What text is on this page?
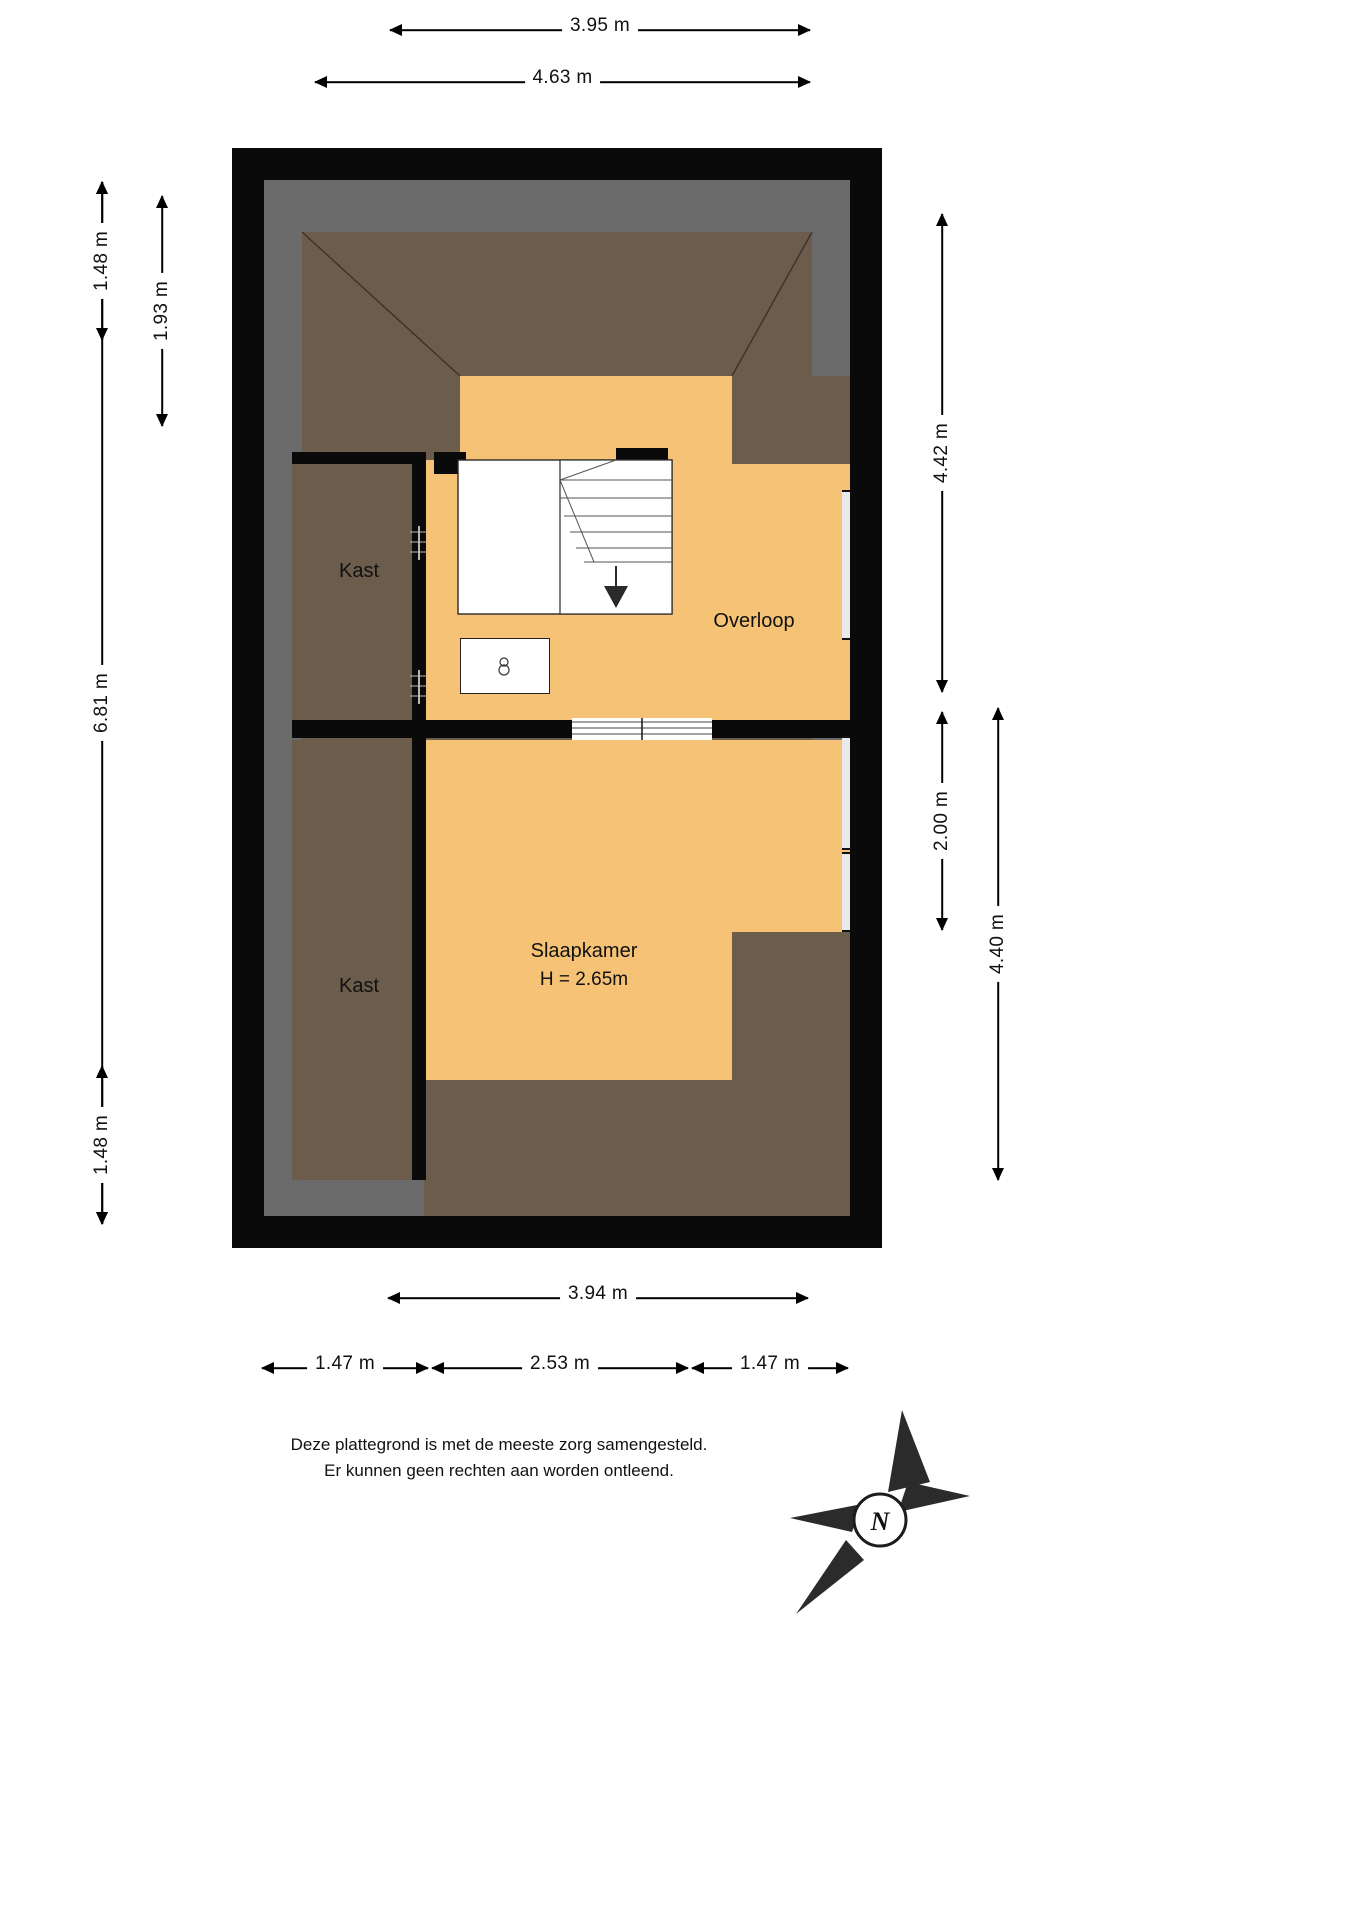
3.95 m
4.63 m
6.81 m
1.48 m
1.48 m
1.93 m
4.42 m
2.00 m
4.40 m
Kast
Kast
Overloop
Slaapkamer
H = 2.65m
3.94 m
1.47 m	2.53 m	1.47 m
Deze plattegrond is met de meeste zorg samengesteld.
Er kunnen geen rechten aan worden ontleend.
N
